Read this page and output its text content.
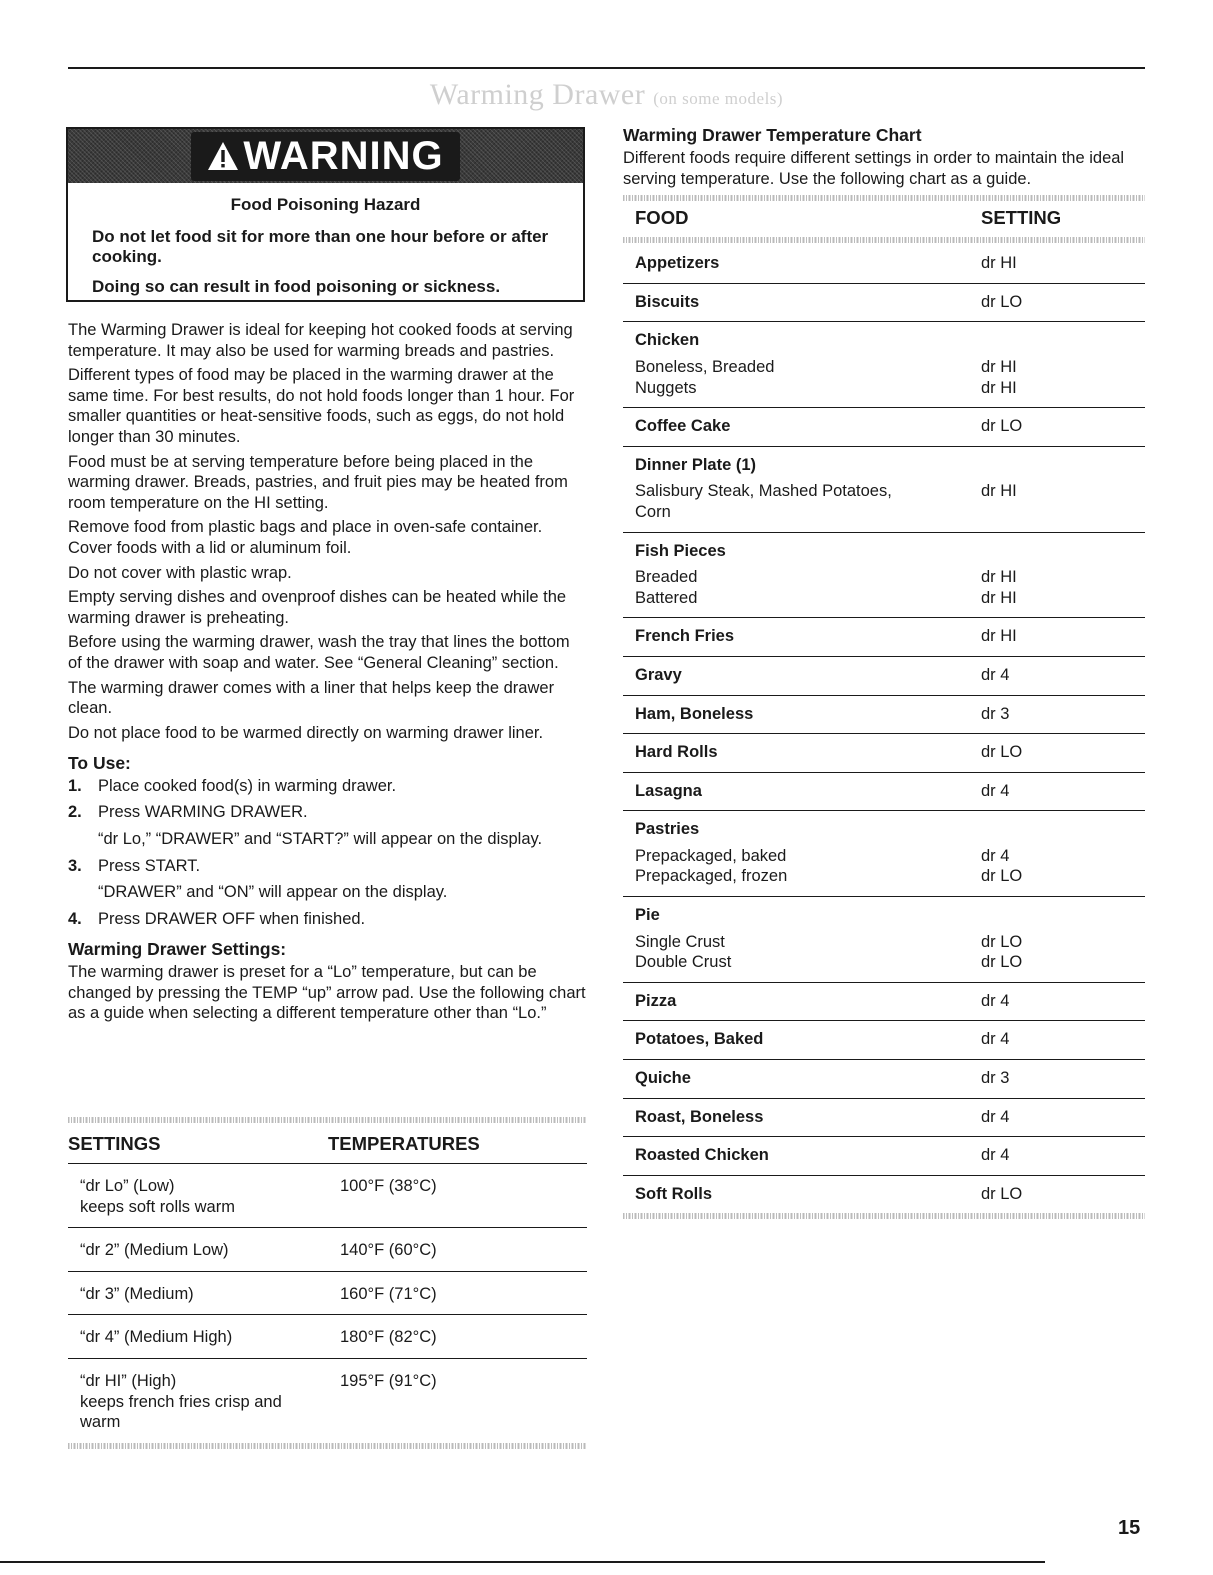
Warming Drawer (on some models)
WARNING
Food Poisoning Hazard
Do not let food sit for more than one hour before or after cooking.
Doing so can result in food poisoning or sickness.

The Warming Drawer is ideal for keeping hot cooked foods at serving temperature. It may also be used for warming breads and pastries.

Different types of food may be placed in the warming drawer at the same time. For best results, do not hold foods longer than 1 hour. For smaller quantities or heat-sensitive foods, such as eggs, do not hold longer than 30 minutes.

Food must be at serving temperature before being placed in the warming drawer. Breads, pastries, and fruit pies may be heated from room temperature on the HI setting.

Remove food from plastic bags and place in oven-safe container. Cover foods with a lid or aluminum foil.

Do not cover with plastic wrap.

Empty serving dishes and ovenproof dishes can be heated while the warming drawer is preheating.

Before using the warming drawer, wash the tray that lines the bottom of the drawer with soap and water. See “General Cleaning” section.

The warming drawer comes with a liner that helps keep the drawer clean.

Do not place food to be warmed directly on warming drawer liner.

To Use:
1. Place cooked food(s) in warming drawer.
2. Press WARMING DRAWER.
“dr Lo,” “DRAWER” and “START?” will appear on the display.
3. Press START.
“DRAWER” and “ON” will appear on the display.
4. Press DRAWER OFF when finished.
Warming Drawer Settings:

The warming drawer is preset for a “Lo” temperature, but can be changed by pressing the TEMP “up” arrow pad. Use the following chart as a guide when selecting a different temperature other than “Lo.”

SETTINGS	TEMPERATURES
“dr Lo” (Low)
keeps soft rolls warm
100°F (38°C)
“dr 2” (Medium Low)	140°F (60°C)
“dr 3” (Medium)	160°F (71°C)
“dr 4” (Medium High)	180°F (82°C)
“dr HI” (High)
keeps french fries crisp and warm
195°F (91°C)
Warming Drawer Temperature Chart
Different foods require different settings in order to maintain the ideal serving temperature. Use the following chart as a guide.
FOOD	SETTING
Appetizers	dr HI
Biscuits	dr LO
Chicken
Boneless, Breaded	dr HI
Nuggets	dr HI
Coffee Cake	dr LO
Dinner Plate (1)
Salisbury Steak, Mashed Potatoes,	dr HI
Corn
Fish Pieces
Breaded	dr HI
Battered	dr HI
French Fries	dr HI
Gravy	dr 4
Ham, Boneless	dr 3
Hard Rolls	dr LO
Lasagna	dr 4
Pastries
Prepackaged, baked	dr 4
Prepackaged, frozen	dr LO
Pie
Single Crust	dr LO
Double Crust	dr LO
Pizza	dr 4
Potatoes, Baked	dr 4
Quiche	dr 3
Roast, Boneless	dr 4
Roasted Chicken	dr 4
Soft Rolls	dr LO
15
